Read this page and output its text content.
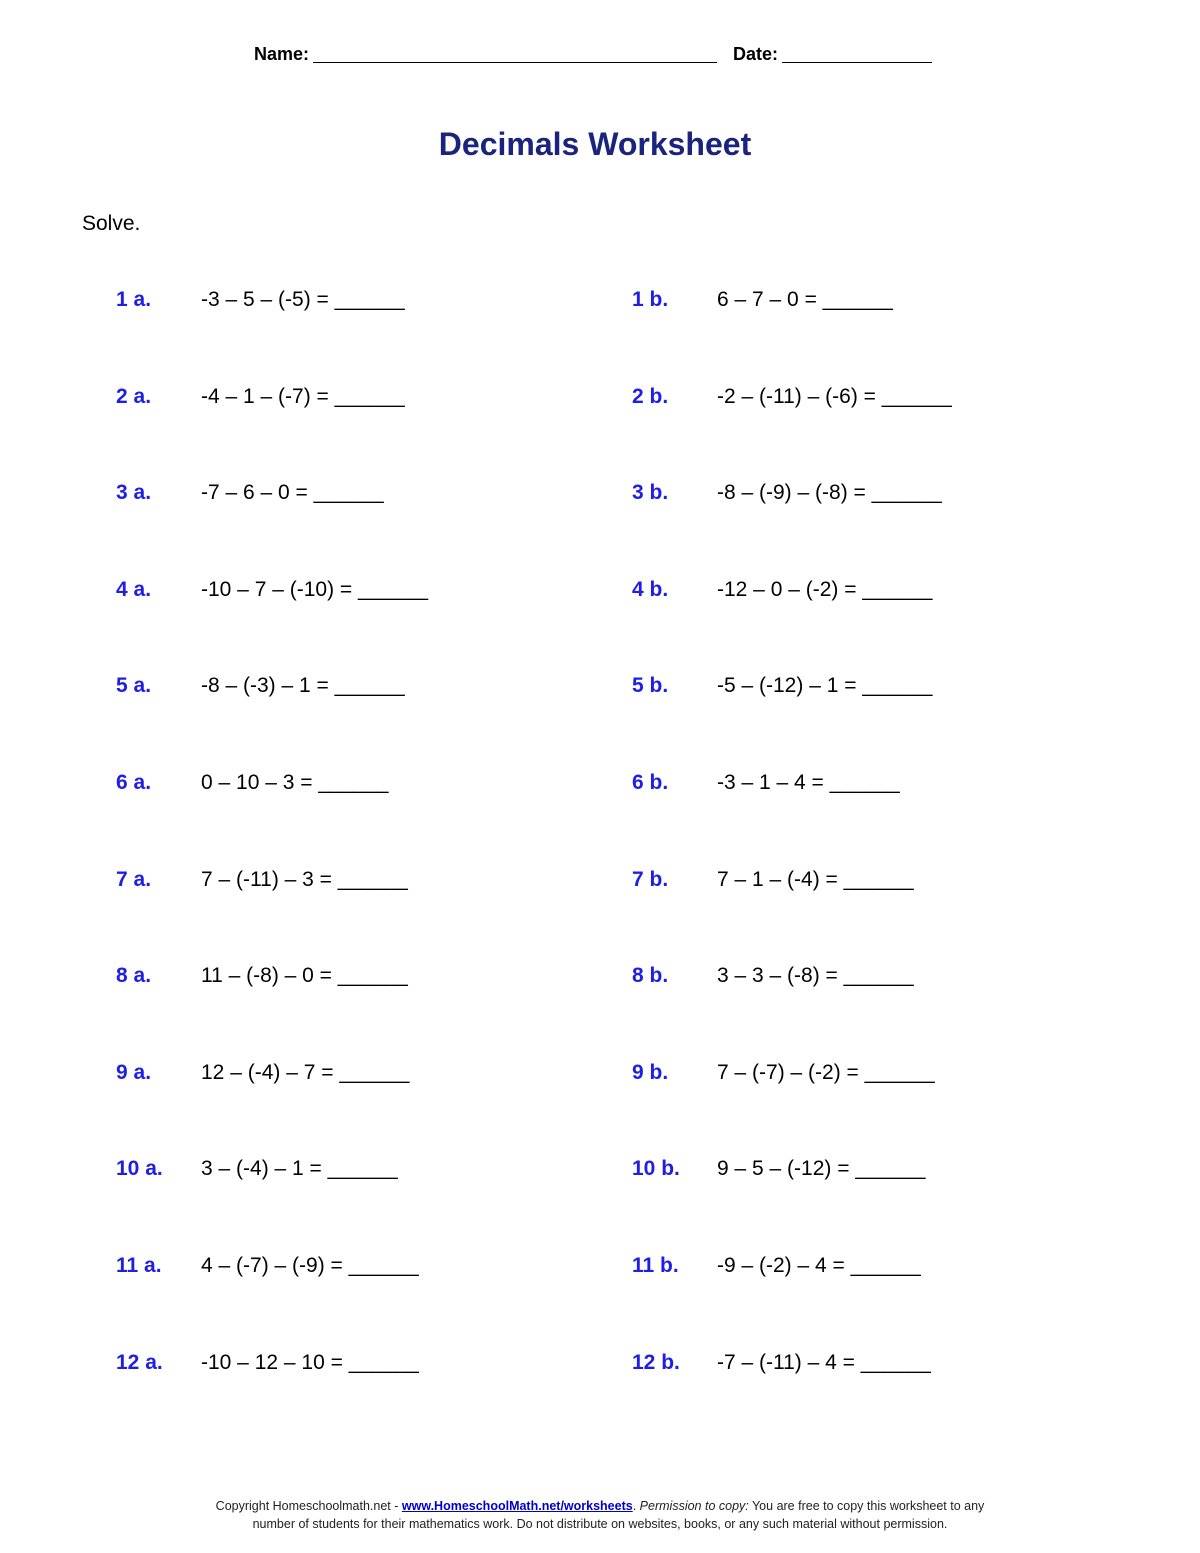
Name:	Date:
Decimals Worksheet
Solve.
1 a. -3 – 5 – (-5) = ______
2 a. -4 – 1 – (-7) = ______
3 a. -7 – 6 – 0 = ______
4 a. -10 – 7 – (-10) = ______
5 a. -8 – (-3) – 1 = ______
6 a. 0 – 10 – 3 = ______
7 a. 7 – (-11) – 3 = ______
8 a. 11 – (-8) – 0 = ______
9 a. 12 – (-4) – 7 = ______
10 a. 3 – (-4) – 1 = ______
11 a. 4 – (-7) – (-9) = ______
12 a. -10 – 12 – 10 = ______
1 b. 6 – 7 – 0 = ______
2 b. -2 – (-11) – (-6) = ______
3 b. -8 – (-9) – (-8) = ______
4 b. -12 – 0 – (-2) = ______
5 b. -5 – (-12) – 1 = ______
6 b. -3 – 1 – 4 = ______
7 b. 7 – 1 – (-4) = ______
8 b. 3 – 3 – (-8) = ______
9 b. 7 – (-7) – (-2) = ______
10 b. 9 – 5 – (-12) = ______
11 b. -9 – (-2) – 4 = ______
12 b. -7 – (-11) – 4 = ______
Copyright Homeschoolmath.net - www.HomeschoolMath.net/worksheets. Permission to copy: You are free to copy this worksheet to any
number of students for their mathematics work. Do not distribute on websites, books, or any such material without permission.
